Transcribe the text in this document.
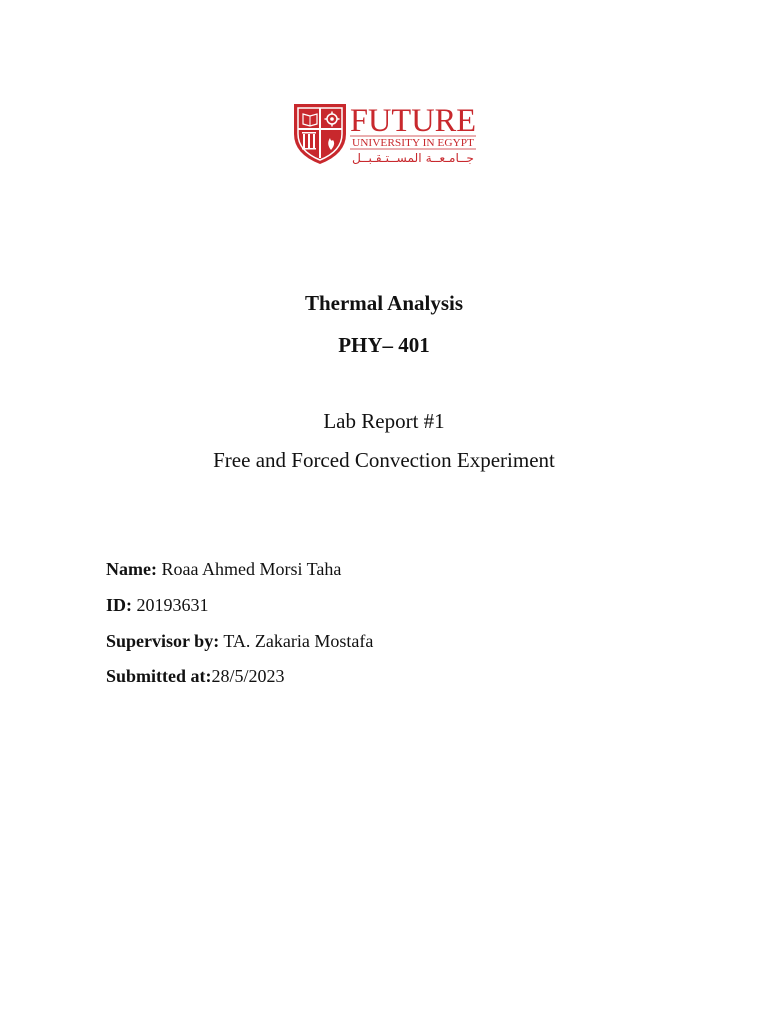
FUTURE
UNIVERSITY IN EGYPT
جــامـعــة المســتـقـبــل
Thermal Analysis
PHY– 401
Lab Report #1
Free and Forced Convection Experiment
Name: Roaa Ahmed Morsi Taha
ID: 20193631
Supervisor by: TA. Zakaria Mostafa
Submitted at:28/5/2023
